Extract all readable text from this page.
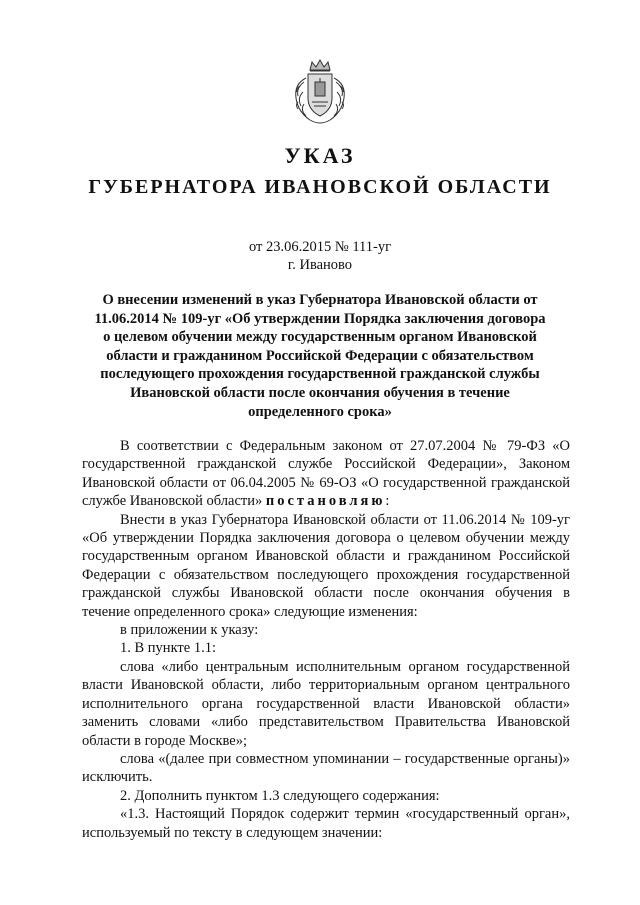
УКАЗ
ГУБЕРНАТОРА ИВАНОВСКОЙ ОБЛАСТИ
от 23.06.2015 № 111-уг
г. Иваново
О внесении изменений в указ Губернатора Ивановской области от 11.06.2014 № 109-уг «Об утверждении Порядка заключения договора о целевом обучении между государственным органом Ивановской области и гражданином Российской Федерации с обязательством последующего прохождения государственной гражданской службы Ивановской области после окончания обучения в течение определенного срока»

В соответствии с Федеральным законом от 27.07.2004 № 79-ФЗ «О государственной гражданской службе Российской Федерации», Законом Ивановской области от 06.04.2005 № 69-ОЗ «О государственной гражданской службе Ивановской области» постановляю:

Внести в указ Губернатора Ивановской области от 11.06.2014 № 109-уг «Об утверждении Порядка заключения договора о целевом обучении между государственным органом Ивановской области и гражданином Российской Федерации с обязательством последующего прохождения государственной гражданской службы Ивановской области после окончания обучения в течение определенного срока» следующие изменения:

в приложении к указу:

1. В пункте 1.1:

слова «либо центральным исполнительным органом государственной власти Ивановской области, либо территориальным органом центрального исполнительного органа государственной власти Ивановской области» заменить словами «либо представительством Правительства Ивановской области в городе Москве»;

слова «(далее при совместном упоминании – государственные органы)» исключить.

2. Дополнить пунктом 1.3 следующего содержания:

«1.3. Настоящий Порядок содержит термин «государственный орган», используемый по тексту в следующем значении:
